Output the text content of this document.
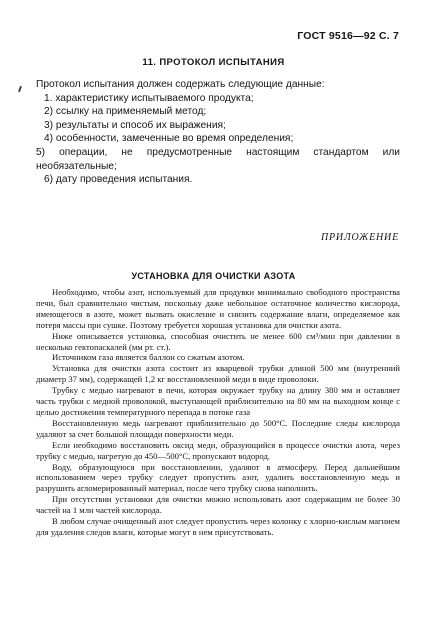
ГОСТ 9516—92 С. 7
11. ПРОТОКОЛ ИСПЫТАНИЯ

Протокол испытания должен содержать следующие данные:

1. характеристику испытываемого продукта;
2) ссылку на применяемый метод;
3) результаты и способ их выражения;
4) особенности, замеченные во время определения;
5) операции, не предусмотренные настоящим стандартом или необязательные;
6) дату проведения испытания.
ПРИЛОЖЕНИЕ
УСТАНОВКА ДЛЯ ОЧИСТКИ АЗОТА

Необходимо, чтобы азот, используемый для продувки минимально свободного пространства печи, был сравнительно чистым, поскольку даже небольшое остаточное количество кислорода, имеющегося в азоте, может вызвать окисление и снизить содержание влаги, определяемое как потеря массы при сушке. Поэтому требуется хорошая установка для очистки азота.

Ниже описывается установка, способная очистить не менее 600 см³/мин при давлении в несколько гектопаскалей (мм рт. ст.).

Источником газа является баллон со сжатым азотом.

Установка для очистки азота состоит из кварцевой трубки длиной 500 мм (внутренний диаметр 37 мм), содержащей 1,2 кг восстановленной меди в виде проволоки.

Трубку с медью нагревают в печи, которая окружает трубку на длину 380 мм и оставляет часть трубки с медной проволокой, выступающей приблизительно на 80 мм на выходном конце с целью достижения температурного перепада в потоке газа

Восстановленную медь нагревают приблизительно до 500°С. Последние следы кислорода удаляют за счет большой площади поверхности меди.

Если необходимо восстановить оксид меди, образующийся в процессе очистки азота, через трубку с медью, нагретую до 450—500°С, пропускают водород.

Воду, образующуюся при восстановлении, удаляют в атмосферу. Перед дальнейшим использованием через трубку следует пропустить азот, удалить восстановленную медь и разрушить агломерированный материал, после чего трубку снова наполнить.

При отсутствии установки для очистки можно использовать азот содержащим не более 30 частей на 1 млн частей кислорода.

В любом случае очищенный азот следует пропустить через колонку с хлорно-кислым магнием для удаления следов влаги, которые могут в нем присутствовать.
